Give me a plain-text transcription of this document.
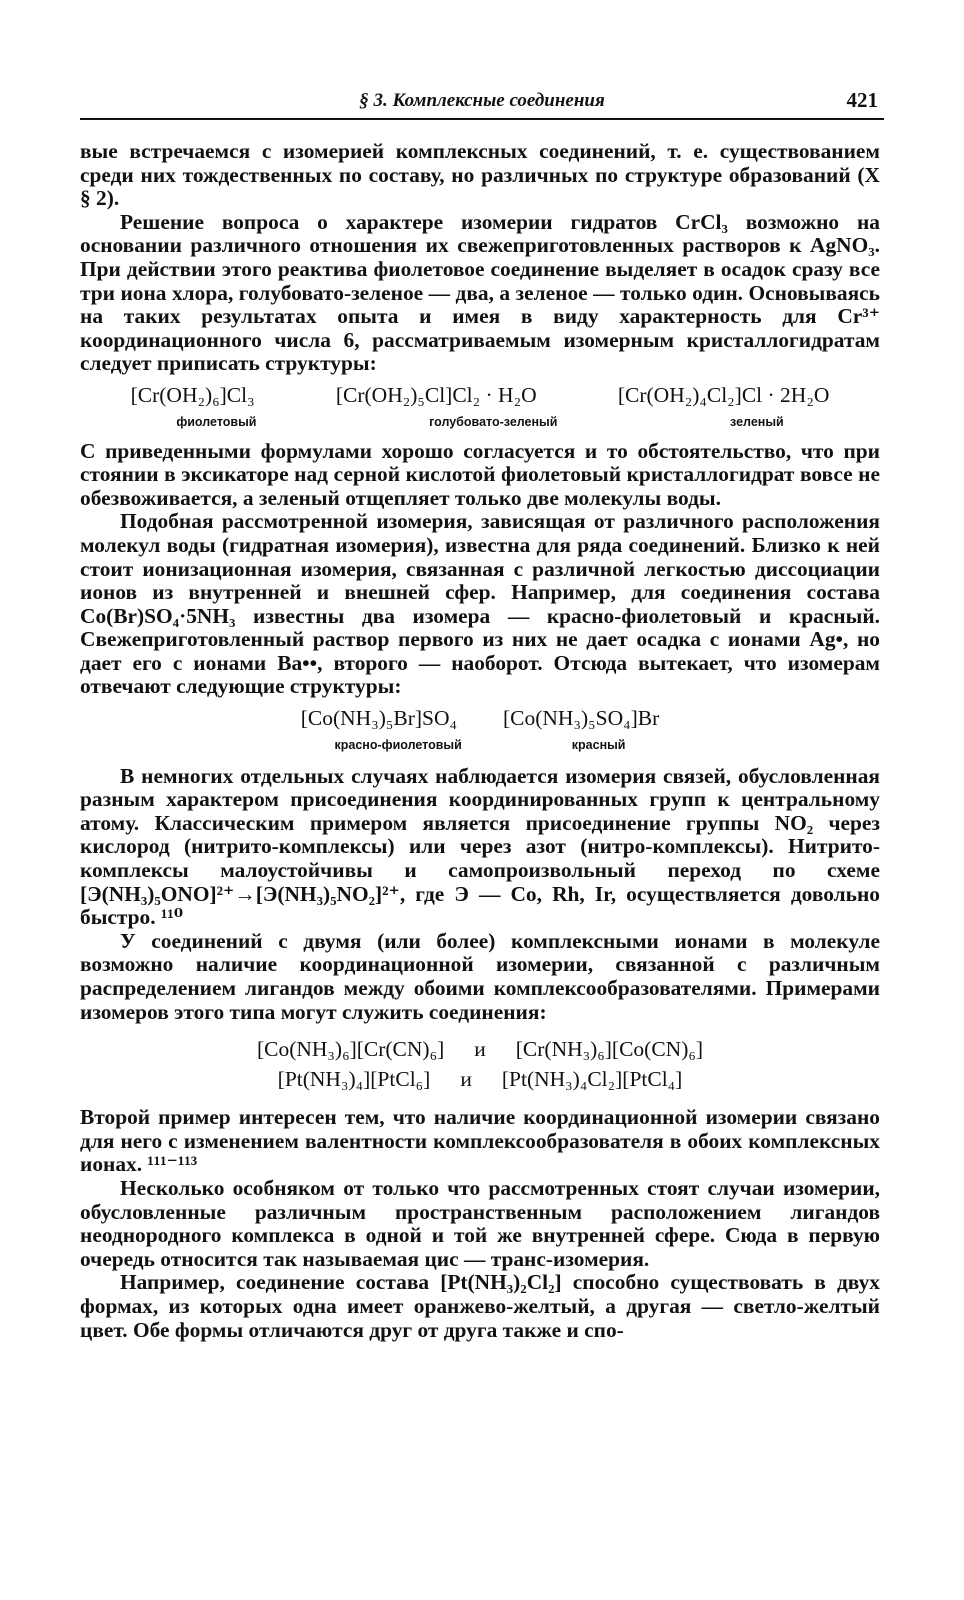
§ 3. Комплексные соединения	421

вые встречаемся с изомерией комплексных соединений, т. е. существованием среди них тождественных по составу, но различных по структуре образований (X § 2).

Решение вопроса о характере изомерии гидратов CrCl₃ возможно на основании различного отношения их свежеприготовленных растворов к AgNO₃. При действии этого реактива фиолетовое соединение выделяет в осадок сразу все три иона хлора, голубовато-зеленое — два, а зеленое — только один. Основываясь на таких результатах опыта и имея в виду характерность для Cr³⁺ координационного числа 6, рассматриваемым изомерным кристаллогидратам следует приписать структуры:

[Cr(OH₂)₆]Cl₃	[Cr(OH₂)₅Cl]Cl₂ · H₂O	[Cr(OH₂)₄Cl₂]Cl · 2H₂O
фиолетовый	голубовато-зеленый	зеленый

С приведенными формулами хорошо согласуется и то обстоятельство, что при стоянии в эксикаторе над серной кислотой фиолетовый кристаллогидрат вовсе не обезвоживается, а зеленый отщепляет только две молекулы воды.

Подобная рассмотренной изомерия, зависящая от различного расположения молекул воды (гидратная изомерия), известна для ряда соединений. Близко к ней стоит ионизационная изомерия, связанная с различной легкостью диссоциации ионов из внутренней и внешней сфер. Например, для соединения состава Co(Br)SO₄·5NH₃ известны два изомера — красно-фиолетовый и красный. Свежеприготовленный раствор первого из них не дает осадка с ионами Ag•, но дает его с ионами Ba••, второго — наоборот. Отсюда вытекает, что изомерам отвечают следующие структуры:

[Co(NH₃)₅Br]SO₄ [Co(NH₃)₅SO₄]Br
красно-фиолетовый	красный

В немногих отдельных случаях наблюдается изомерия связей, обусловленная разным характером присоединения координированных групп к центральному атому. Классическим примером является присоединение группы NO₂ через кислород (нитрито-комплексы) или через азот (нитро-комплексы). Нитрито-комплексы малоустойчивы и самопроизвольный переход по схеме [Э(NH₃)₅ONO]²⁺→[Э(NH₃)₅NO₂]²⁺, где Э — Co, Rh, Ir, осуществляется довольно быстро. ¹¹⁰

У соединений с двумя (или более) комплексными ионами в молекуле возможно наличие координационной изомерии, связанной с различным распределением лигандов между обоими комплексообразователями. Примерами изомеров этого типа могут служить соединения:

[Co(NH₃)₆][Cr(CN)₆] и [Cr(NH₃)₆][Co(CN)₆]
[Pt(NH₃)₄][PtCl₆] и [Pt(NH₃)₄Cl₂][PtCl₄]

Второй пример интересен тем, что наличие координационной изомерии связано для него с изменением валентности комплексообразователя в обоих комплексных ионах. ¹¹¹⁻¹¹³

Несколько особняком от только что рассмотренных стоят случаи изомерии, обусловленные различным пространственным расположением лигандов неоднородного комплекса в одной и той же внутренней сфере. Сюда в первую очередь относится так называемая цис — транс-изомерия.

Например, соединение состава [Pt(NH₃)₂Cl₂] способно существовать в двух формах, из которых одна имеет оранжево-желтый, а другая — светло-желтый цвет. Обе формы отличаются друг от друга также и спо-
